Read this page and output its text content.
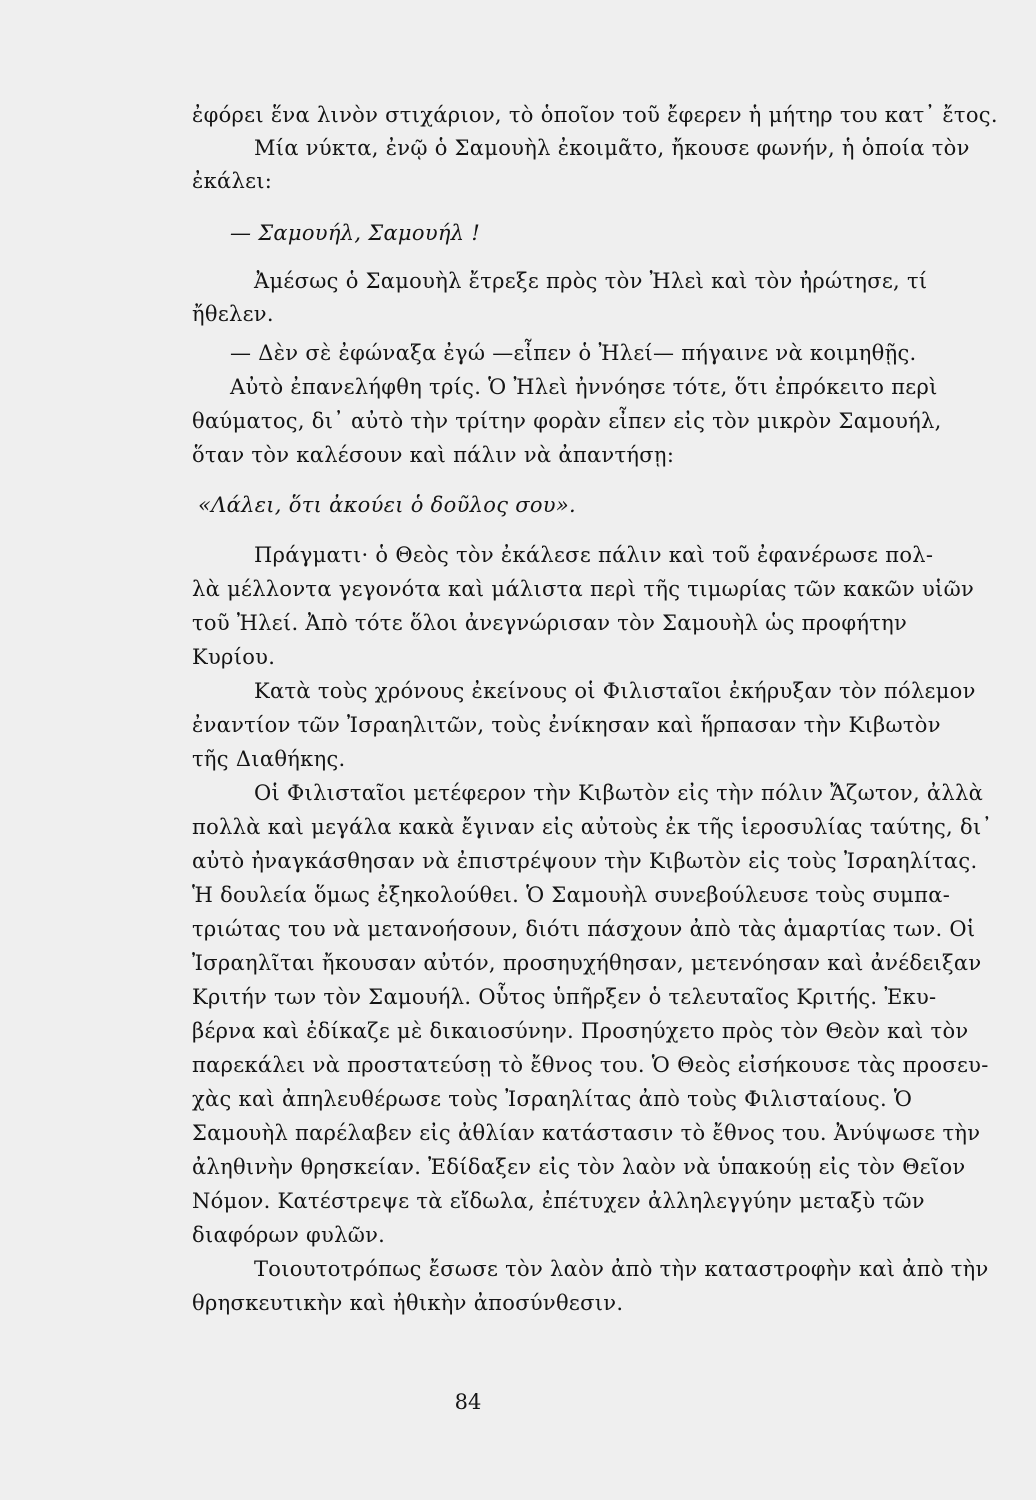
ἐφόρει ἕνα λινὸν στιχάριον, τὸ ὁποῖον τοῦ ἔφερεν ἡ μήτηρ του κατ᾽ ἔτος.
Μία νύκτα, ἐνῷ ὁ Σαμουὴλ ἐκοιμᾶτο, ἤκουσε φωνήν, ἡ ὁποία τὸν
ἐκάλει:
— Σαμουήλ, Σαμουήλ !
Ἀμέσως ὁ Σαμουὴλ ἔτρεξε πρὸς τὸν Ἠλεὶ καὶ τὸν ἠρώτησε, τί
ἤθελεν.
— Δὲν σὲ ἐφώναξα ἐγώ —εἶπεν ὁ Ἠλεί— πήγαινε νὰ κοιμηθῇς.
Αὐτὸ ἐπανελήφθη τρίς. Ὁ Ἠλεὶ ἠννόησε τότε, ὅτι ἐπρόκειτο περὶ
θαύματος, δι᾽ αὐτὸ τὴν τρίτην φορὰν εἶπεν εἰς τὸν μικρὸν Σαμουήλ,
ὅταν τὸν καλέσουν καὶ πάλιν νὰ ἀπαντήσῃ:
«Λάλει, ὅτι ἀκούει ὁ δοῦλος σου».
Πράγματι· ὁ Θεὸς τὸν ἐκάλεσε πάλιν καὶ τοῦ ἐφανέρωσε πολ-
λὰ μέλλοντα γεγονότα καὶ μάλιστα περὶ τῆς τιμωρίας τῶν κακῶν υἱῶν
τοῦ Ἠλεί. Ἀπὸ τότε ὅλοι ἀνεγνώρισαν τὸν Σαμουὴλ ὡς προφήτην
Κυρίου.
Κατὰ τοὺς χρόνους ἐκείνους οἱ Φιλισταῖοι ἐκήρυξαν τὸν πόλεμον
ἐναντίον τῶν Ἰσραηλιτῶν, τοὺς ἐνίκησαν καὶ ἥρπασαν τὴν Κιβωτὸν
τῆς Διαθήκης.
Οἱ Φιλισταῖοι μετέφερον τὴν Κιβωτὸν εἰς τὴν πόλιν Ἄζωτον, ἀλλὰ
πολλὰ καὶ μεγάλα κακὰ ἔγιναν εἰς αὐτοὺς ἐκ τῆς ἱεροσυλίας ταύτης, δι᾽
αὐτὸ ἠναγκάσθησαν νὰ ἐπιστρέψουν τὴν Κιβωτὸν εἰς τοὺς Ἰσραηλίτας.
Ἡ δουλεία ὅμως ἐξηκολούθει. Ὁ Σαμουὴλ συνεβούλευσε τοὺς συμπα-
τριώτας του νὰ μετανοήσουν, διότι πάσχουν ἀπὸ τὰς ἁμαρτίας των. Οἱ
Ἰσραηλῖται ἤκουσαν αὐτόν, προσηυχήθησαν, μετενόησαν καὶ ἀνέδειξαν
Κριτήν των τὸν Σαμουήλ. Οὗτος ὑπῆρξεν ὁ τελευταῖος Κριτής. Ἐκυ-
βέρνα καὶ ἐδίκαζε μὲ δικαιοσύνην. Προσηύχετο πρὸς τὸν Θεὸν καὶ τὸν
παρεκάλει νὰ προστατεύσῃ τὸ ἔθνος του. Ὁ Θεὸς εἰσήκουσε τὰς προσευ-
χὰς καὶ ἀπηλευθέρωσε τοὺς Ἰσραηλίτας ἀπὸ τοὺς Φιλισταίους. Ὁ
Σαμουὴλ παρέλαβεν εἰς ἀθλίαν κατάστασιν τὸ ἔθνος του. Ἀνύψωσε τὴν
ἀληθινὴν θρησκείαν. Ἐδίδαξεν εἰς τὸν λαὸν νὰ ὑπακούῃ εἰς τὸν Θεῖον
Νόμον. Κατέστρεψε τὰ εἴδωλα, ἐπέτυχεν ἀλληλεγγύην μεταξὺ τῶν
διαφόρων φυλῶν.
Τοιουτοτρόπως ἔσωσε τὸν λαὸν ἀπὸ τὴν καταστροφὴν καὶ ἀπὸ τὴν
θρησκευτικὴν καὶ ἠθικὴν ἀποσύνθεσιν.
84
